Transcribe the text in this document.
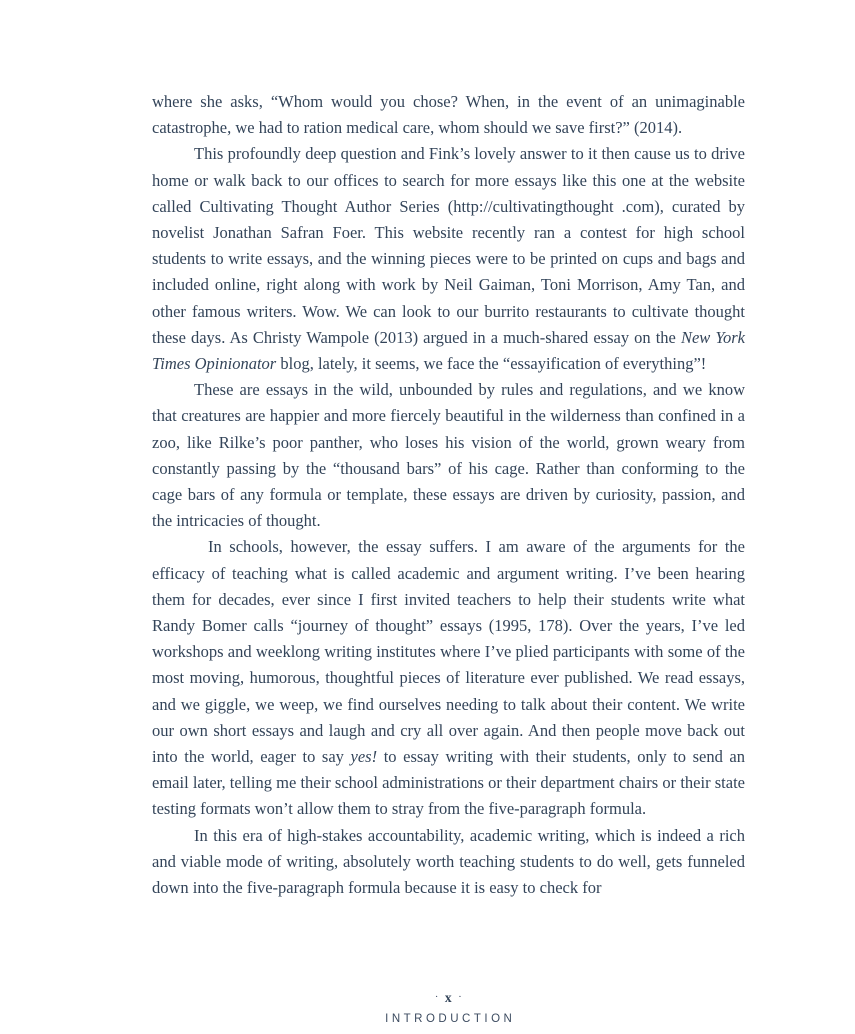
where she asks, “Whom would you chose? When, in the event of an unimaginable catastrophe, we had to ration medical care, whom should we save first?” (2014).

This profoundly deep question and Fink’s lovely answer to it then cause us to drive home or walk back to our offices to search for more essays like this one at the website called Cultivating Thought Author Series (http://cultivatingthought .com), curated by novelist Jonathan Safran Foer. This website recently ran a contest for high school students to write essays, and the winning pieces were to be printed on cups and bags and included online, right along with work by Neil Gaiman, Toni Morrison, Amy Tan, and other famous writers. Wow. We can look to our burrito restaurants to cultivate thought these days. As Christy Wampole (2013) argued in a much-shared essay on the New York Times Opinionator blog, lately, it seems, we face the “essayification of everything”!

These are essays in the wild, unbounded by rules and regulations, and we know that creatures are happier and more fiercely beautiful in the wilderness than confined in a zoo, like Rilke’s poor panther, who loses his vision of the world, grown weary from constantly passing by the “thousand bars” of his cage. Rather than conforming to the cage bars of any formula or template, these essays are driven by curiosity, passion, and the intricacies of thought.

In schools, however, the essay suffers. I am aware of the arguments for the efficacy of teaching what is called academic and argument writing. I’ve been hearing them for decades, ever since I first invited teachers to help their students write what Randy Bomer calls “journey of thought” essays (1995, 178). Over the years, I’ve led workshops and weeklong writing institutes where I’ve plied participants with some of the most moving, humorous, thoughtful pieces of literature ever published. We read essays, and we giggle, we weep, we find ourselves needing to talk about their content. We write our own short essays and laugh and cry all over again. And then people move back out into the world, eager to say yes! to essay writing with their students, only to send an email later, telling me their school administrations or their department chairs or their state testing formats won’t allow them to stray from the five-paragraph formula.

In this era of high-stakes accountability, academic writing, which is indeed a rich and viable mode of writing, absolutely worth teaching students to do well, gets funneled down into the five-paragraph formula because it is easy to check for

· x ·
INTRODUCTION
